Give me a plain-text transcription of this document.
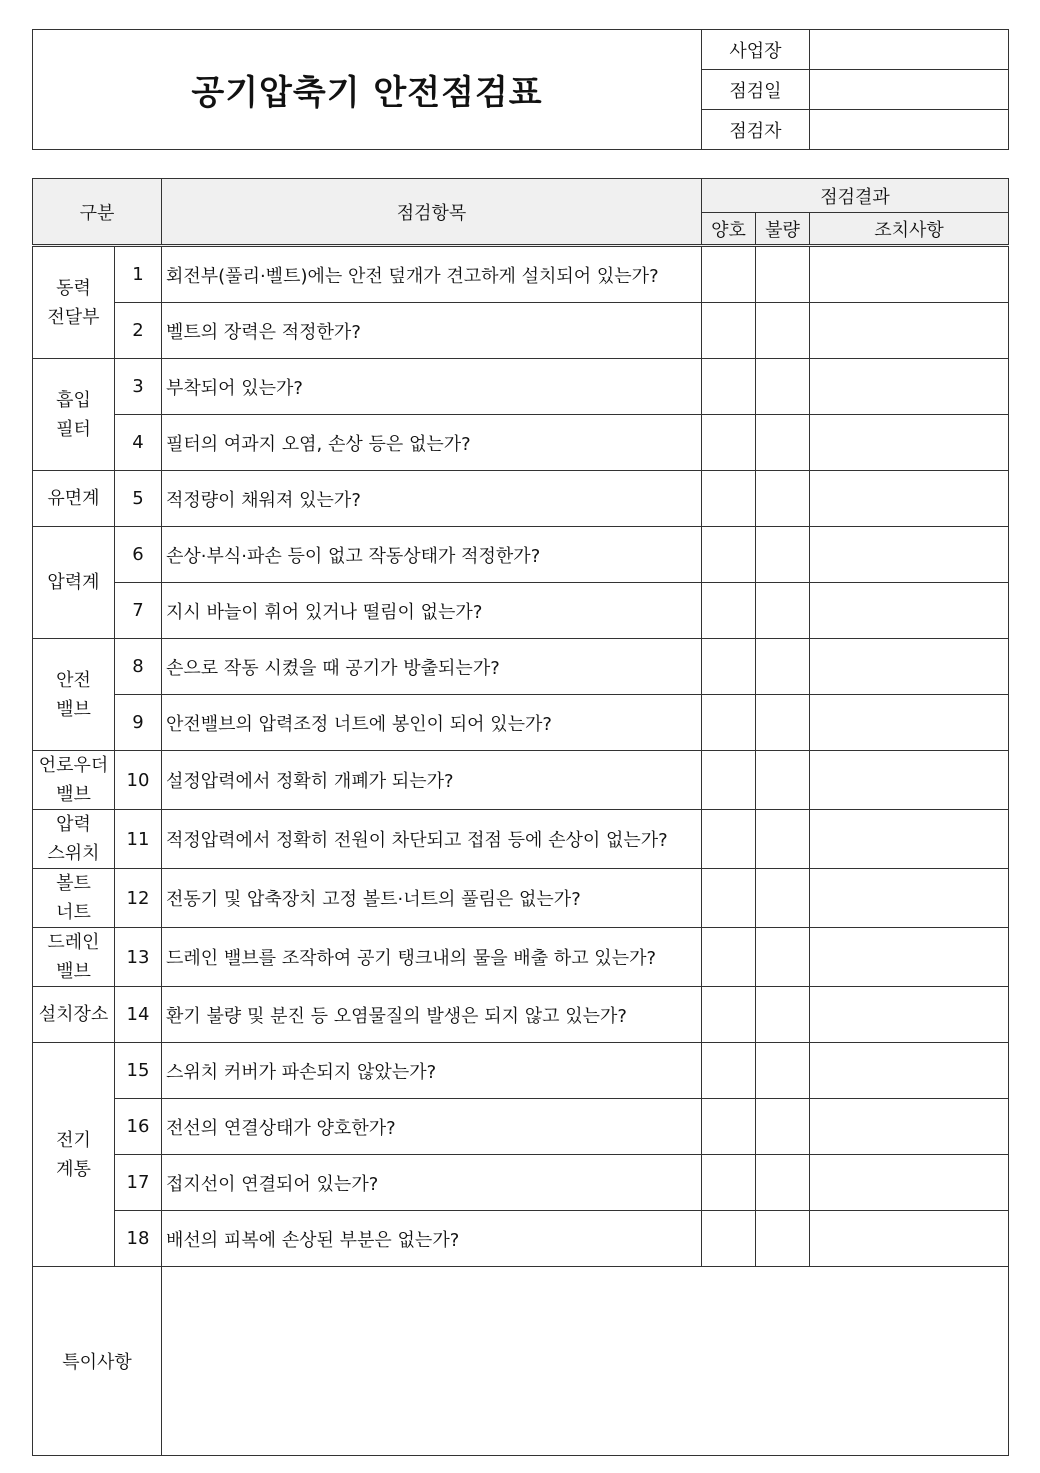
공기압축기 안전점검표	사업장	
	점검일	
	점검자	
구분		점검항목	점검결과		
			양호	불량	조치사항
동력
전달부	1	회전부(풀리·벨트)에는 안전 덮개가 견고하게 설치되어 있는가?			
	2	벨트의 장력은 적정한가?			
흡입
필터	3	부착되어 있는가?			
	4	필터의 여과지 오염, 손상 등은 없는가?			
유면계	5	적정량이 채워져 있는가?			
압력계	6	손상·부식·파손 등이 없고 작동상태가 적정한가?			
	7	지시 바늘이 휘어 있거나 떨림이 없는가?			
안전
밸브	8	손으로 작동 시켰을 때 공기가 방출되는가?			
	9	안전밸브의 압력조정 너트에 봉인이 되어 있는가?			
언로우더
밸브	10	설정압력에서 정확히 개폐가 되는가?			
압력
스위치	11	적정압력에서 정확히 전원이 차단되고 접점 등에 손상이 없는가?			
볼트
너트	12	전동기 및 압축장치 고정 볼트·너트의 풀림은 없는가?			
드레인
밸브	13	드레인 밸브를 조작하여 공기 탱크내의 물을 배출 하고 있는가?			
설치장소	14	환기 불량 및 분진 등 오염물질의 발생은 되지 않고 있는가?			
전기
계통	15	스위치 커버가 파손되지 않았는가?			
	16	전선의 연결상태가 양호한가?			
	17	접지선이 연결되어 있는가?			
	18	배선의 피복에 손상된 부분은 없는가?			
특이사항					
